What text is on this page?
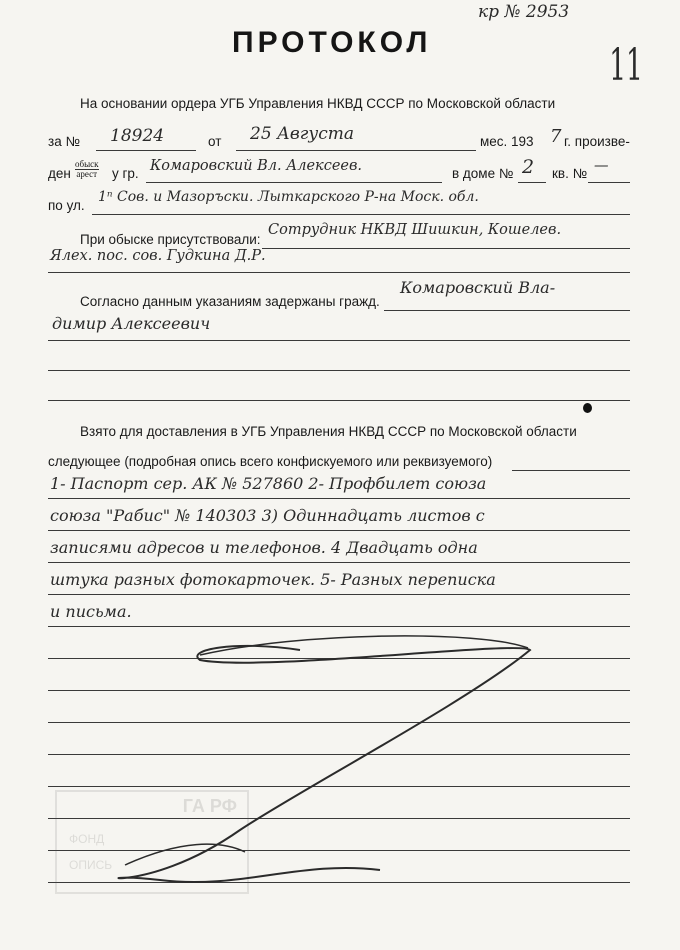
кр № 2953
11
ПРОТОКОЛ
На основании ордера УГБ Управления НКВД СССР по Московской области
за № 18924	от 25 Августа	мес. 193 7 г. произве-
ден
обыск
арест у гр. Комаровский Вл. Алексеев.	в доме № 2 кв. № —
по ул.
1ⁿ Сов. и Мазоръски. Лыткарского Р-на Моск. обл.
При обыске присутствовали:
Сотрудник НКВД Шишкин, Кошелев.
Ялех. пос. сов. Гудкина Д.Р.
Согласно данным указаниям задержаны гражд.
Комаровский Вла-
димир Алексеевич
Взято для доставления в УГБ Управления НКВД СССР по Московской области
следующее (подробная опись всего конфискуемого или реквизуемого)
1- Паспорт сер. АК № 527860 2- Профбилет союза
союза "Рабис" № 140303 3) Одиннадцать листов с
записями адресов и телефонов. 4 Двадцать одна
штука разных фотокарточек. 5- Разных переписка
и письма.
ГА РФ
ФОНД
ОПИСЬ
